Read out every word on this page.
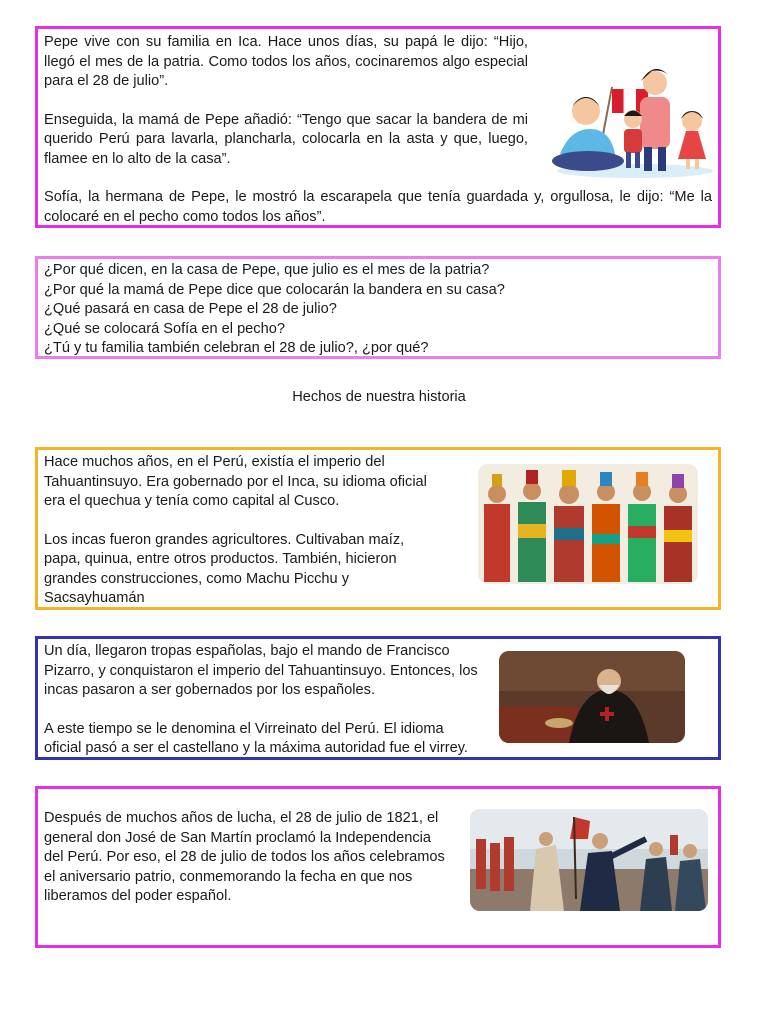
Pepe vive con su familia en Ica. Hace unos días, su papá le dijo: “Hijo, llegó el mes de la patria. Como todos los años, cocinaremos algo especial para el 28 de julio”.

Enseguida, la mamá de Pepe añadió: “Tengo que sacar la bandera de mi querido Perú para lavarla, plancharla, colocarla en la asta y que, luego, flamee en lo alto de la casa”.

Sofía, la hermana de Pepe, le mostró la escarapela que tenía guardada y, orgullosa, le dijo: “Me la colocaré en el pecho como todos los años”.

¿Por qué dicen, en la casa de Pepe, que julio es el mes de la patria?

¿Por qué la mamá de Pepe dice que colocarán la bandera en su casa?

¿Qué pasará en casa de Pepe el 28 de julio?

¿Qué se colocará Sofía en el pecho?

¿Tú y tu familia también celebran el 28 de julio?, ¿por qué?

Hechos de nuestra historia

Hace muchos años, en el Perú, existía el imperio del Tahuantinsuyo. Era gobernado por el Inca, su idioma oficial era el quechua y tenía como capital al Cusco.

Los incas fueron grandes agricultores. Cultivaban maíz, papa, quinua, entre otros productos. También, hicieron grandes construcciones, como Machu Picchu y Sacsayhuamán

Un día, llegaron tropas españolas, bajo el mando de Francisco Pizarro, y conquistaron el imperio del Tahuantinsuyo. Entonces, los incas pasaron a ser gobernados por los españoles.

A este tiempo se le denomina el Virreinato del Perú. El idioma oficial pasó a ser el castellano y la máxima autoridad fue el virrey.

Después de muchos años de lucha, el 28 de julio de 1821, el general don José de San Martín proclamó la Independencia del Perú. Por eso, el 28 de julio de todos los años celebramos el aniversario patrio, conmemorando la fecha en que nos liberamos del poder español.
